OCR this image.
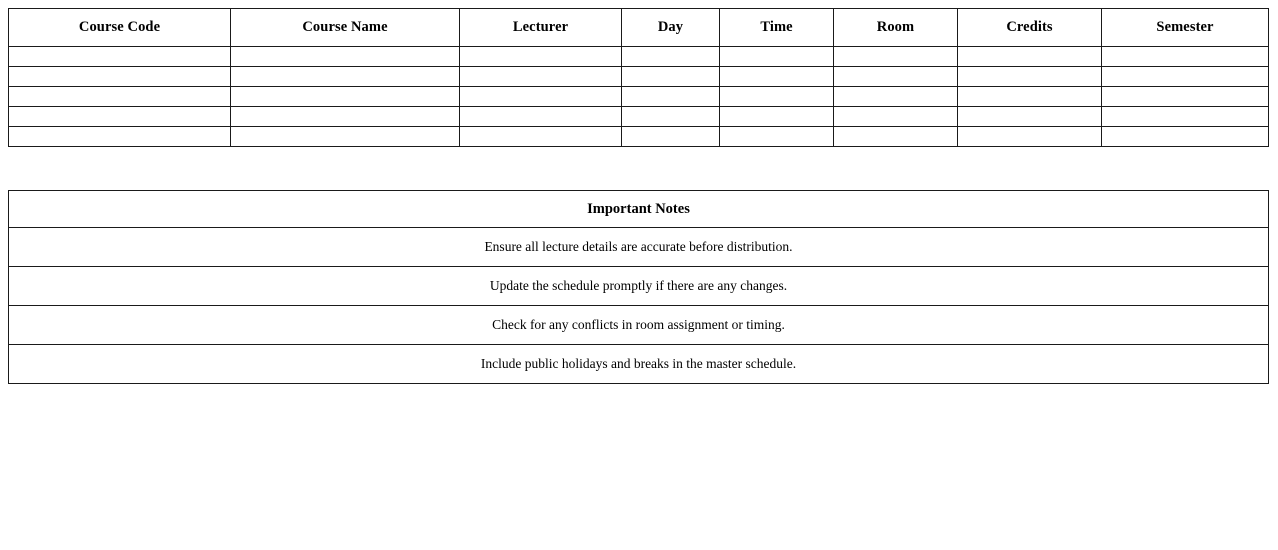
Course Code	Course Name	Lecturer	Day	Time	Room	Credits	Semester

Important Notes
Ensure all lecture details are accurate before distribution.
Update the schedule promptly if there are any changes.
Check for any conflicts in room assignment or timing.
Include public holidays and breaks in the master schedule.
